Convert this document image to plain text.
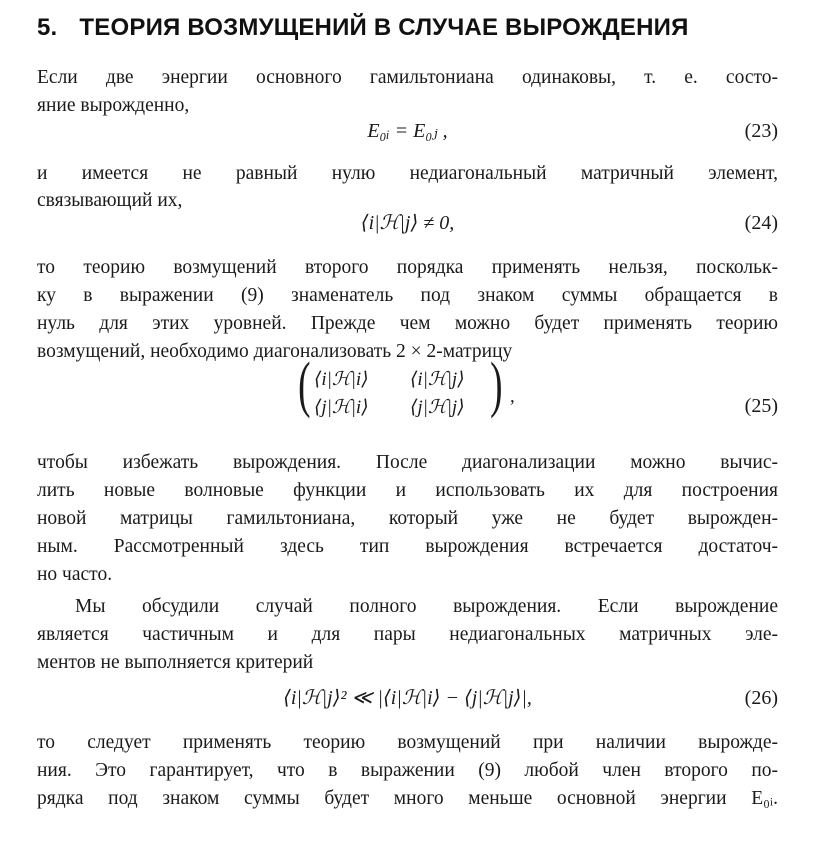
5. ТЕОРИЯ ВОЗМУЩЕНИЙ В СЛУЧАЕ ВЫРОЖДЕНИЯ
Если две энергии основного гамильтониана одинаковы, т. е. состо-
яние вырожденно,
E₀ᵢ = E₀ⱼ ,	(23)
и имеется не равный нулю недиагональный матричный элемент,
связывающий их,
⟨i|ℋ|j⟩ ≠ 0,	(24)
то теорию возмущений второго порядка применять нельзя, поскольк-
ку в выражении (9) знаменатель под знаком суммы обращается в
нуль для этих уровней. Прежде чем можно будет применять теорию
возмущений, необходимо диагонализовать 2 × 2-матрицу
( ⟨i|ℋ|i⟩ ⟨i|ℋ|j⟩
⟨j|ℋ|i⟩ ⟨j|ℋ|j⟩ ) ,	(25)
чтобы избежать вырождения. После диагонализации можно вычис-
лить новые волновые функции и использовать их для построения
новой матрицы гамильтониана, который уже не будет вырожден-
ным. Рассмотренный здесь тип вырождения встречается достаточ-
но часто.
Мы обсудили случай полного вырождения. Если вырождение
является частичным и для пары недиагональных матричных эле-
ментов не выполняется критерий
⟨i|ℋ|j⟩² ≪ |⟨i|ℋ|i⟩ − ⟨j|ℋ|j⟩|,	(26)
то следует применять теорию возмущений при наличии вырожде-
ния. Это гарантирует, что в выражении (9) любой член второго по-
рядка под знаком суммы будет много меньше основной энергии E₀ᵢ.
